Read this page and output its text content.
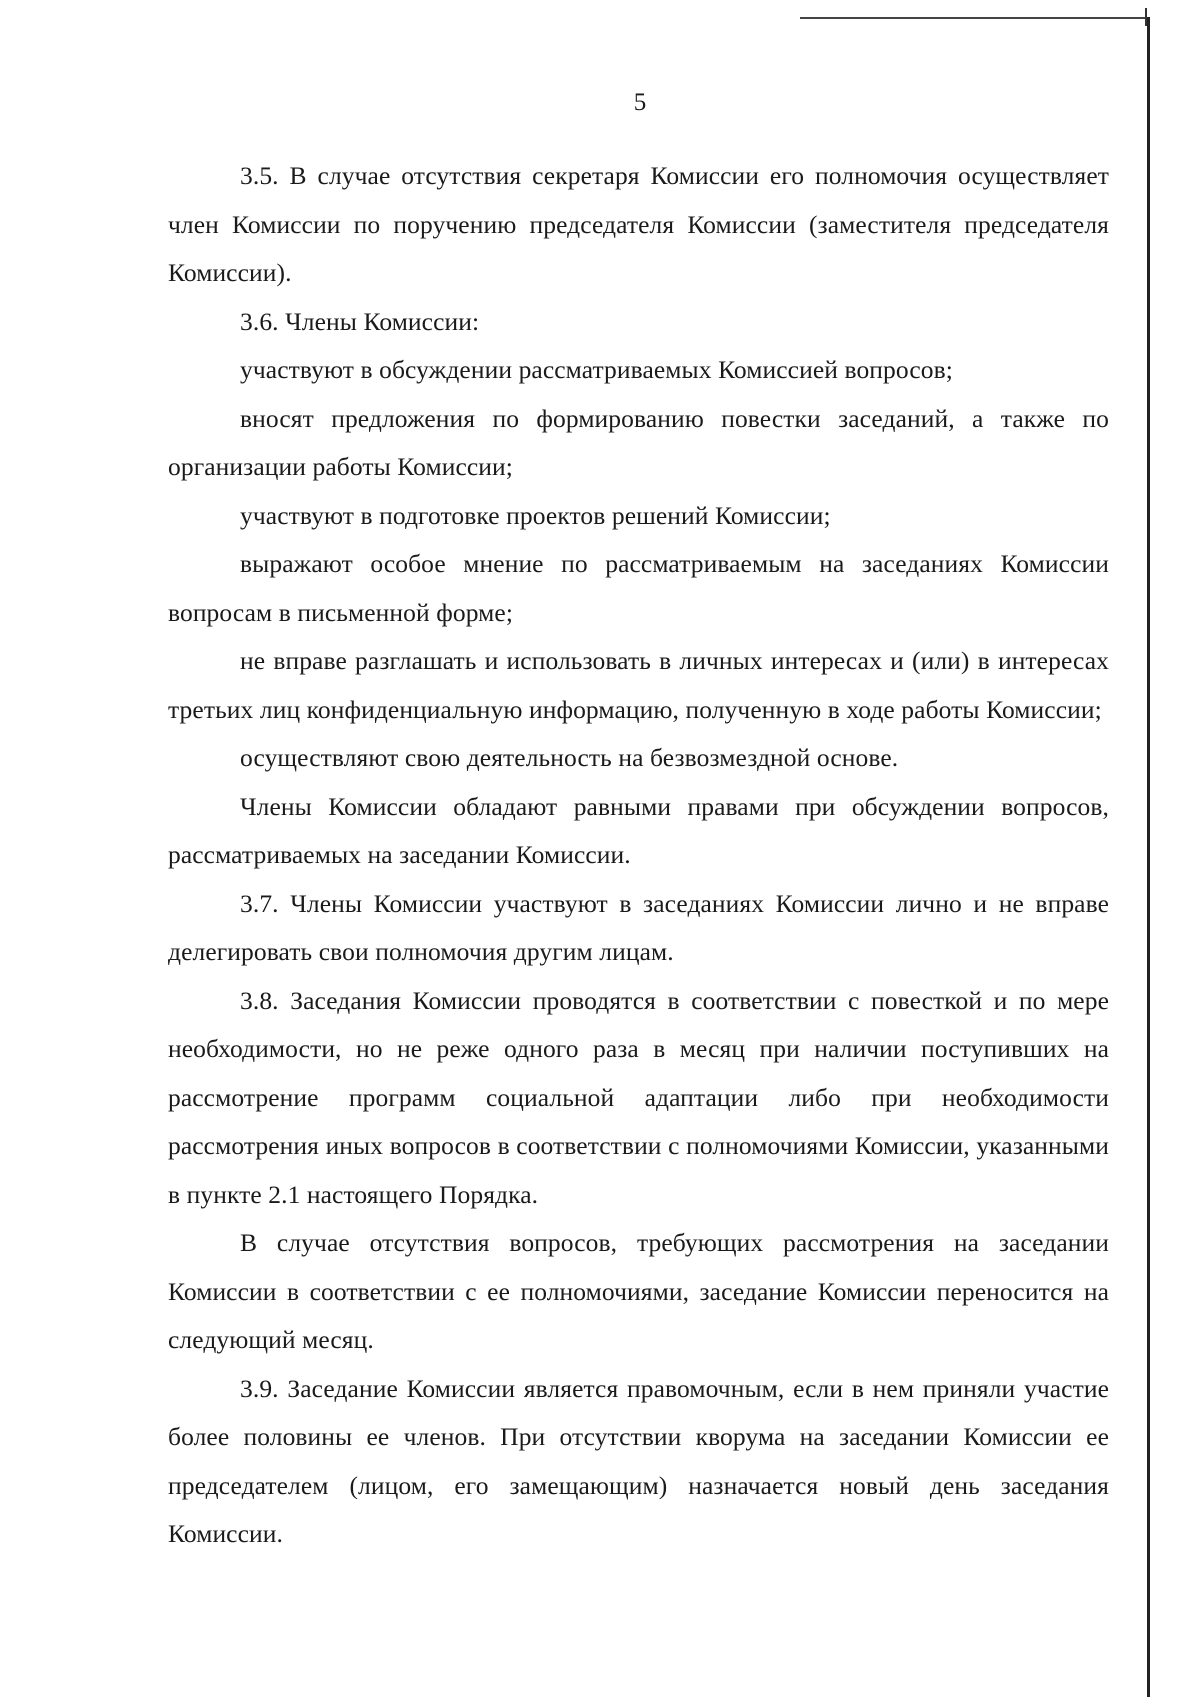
5

3.5. В случае отсутствия секретаря Комиссии его полномочия осуществляет член Комиссии по поручению председателя Комиссии (заместителя председателя Комиссии).

3.6. Члены Комиссии:

участвуют в обсуждении рассматриваемых Комиссией вопросов;

вносят предложения по формированию повестки заседаний, а также по организации работы Комиссии;

участвуют в подготовке проектов решений Комиссии;

выражают особое мнение по рассматриваемым на заседаниях Комиссии вопросам в письменной форме;

не вправе разглашать и использовать в личных интересах и (или) в интересах третьих лиц конфиденциальную информацию, полученную в ходе работы Комиссии;

осуществляют свою деятельность на безвозмездной основе.

Члены Комиссии обладают равными правами при обсуждении вопросов, рассматриваемых на заседании Комиссии.

3.7. Члены Комиссии участвуют в заседаниях Комиссии лично и не вправе делегировать свои полномочия другим лицам.

3.8. Заседания Комиссии проводятся в соответствии с повесткой и по мере необходимости, но не реже одного раза в месяц при наличии поступивших на рассмотрение программ социальной адаптации либо при необходимости рассмотрения иных вопросов в соответствии с полномочиями Комиссии, указанными в пункте 2.1 настоящего Порядка.

В случае отсутствия вопросов, требующих рассмотрения на заседании Комиссии в соответствии с ее полномочиями, заседание Комиссии переносится на следующий месяц.

3.9. Заседание Комиссии является правомочным, если в нем приняли участие более половины ее членов. При отсутствии кворума на заседании Комиссии ее председателем (лицом, его замещающим) назначается новый день заседания Комиссии.
